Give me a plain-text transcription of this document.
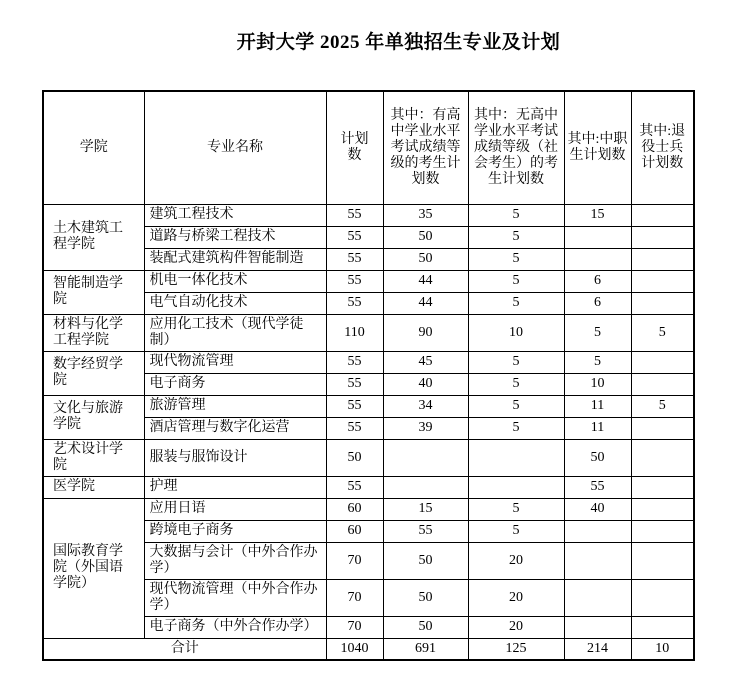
开封大学 2025 年单独招生专业及计划
学院	专业名称	计划数	其中：有高中学业水平考试成绩等级的考生计划数	其中：无高中学业水平考试成绩等级（社会考生）的考生计划数	其中:中职生计划数	其中:退役士兵计划数
土木建筑工程学院	建筑工程技术	55	35	5	15	
	道路与桥梁工程技术	55	50	5		
	装配式建筑构件智能制造	55	50	5		
智能制造学院	机电一体化技术	55	44	5	6	
	电气自动化技术	55	44	5	6	
材料与化学工程学院	应用化工技术（现代学徒制）	110	90	10	5	5
数字经贸学院	现代物流管理	55	45	5	5	
	电子商务	55	40	5	10	
文化与旅游学院	旅游管理	55	34	5	11	5
	酒店管理与数字化运营	55	39	5	11	
艺术设计学院	服装与服饰设计	50			50	
医学院	护理	55			55	
国际教育学院（外国语学院）	应用日语	60	15	5	40	
	跨境电子商务	60	55	5		
	大数据与会计（中外合作办学）	70	50	20		
	现代物流管理（中外合作办学）	70	50	20		
	电子商务（中外合作办学）	70	50	20		
合计		1040	691	125	214	10
